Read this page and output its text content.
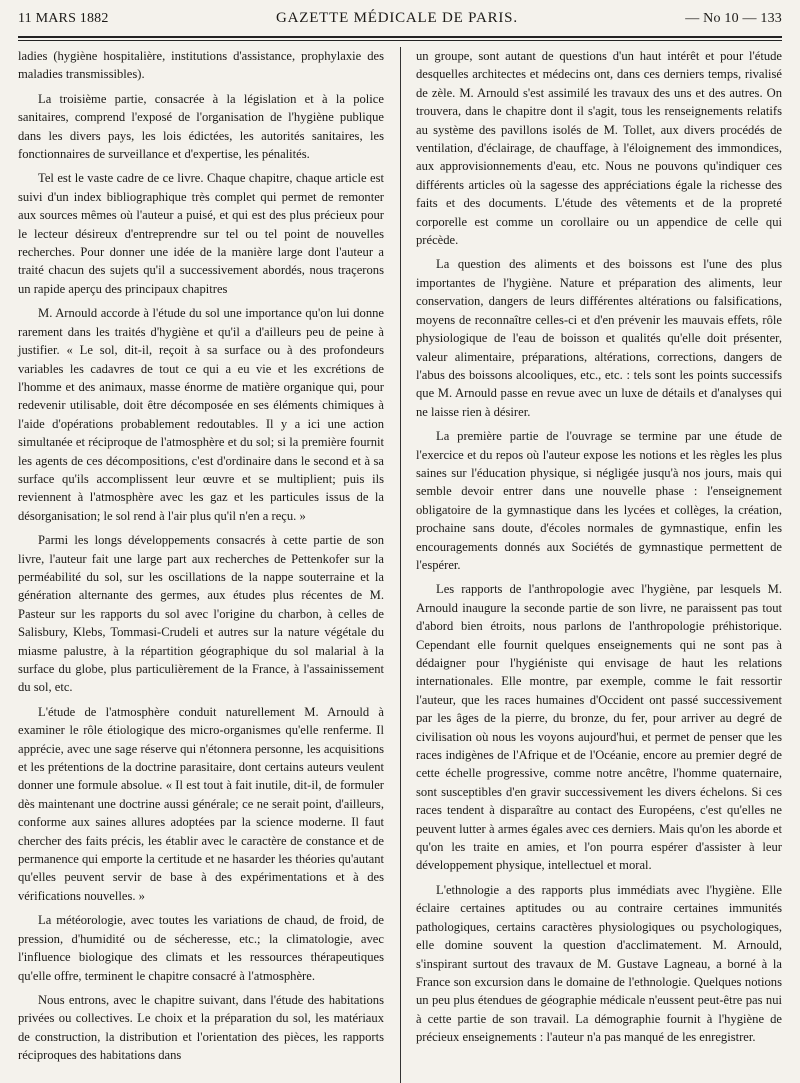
11 MARS 1882	GAZETTE MÉDICALE DE PARIS.	— No 10 — 133

ladies (hygiène hospitalière, institutions d'assistance, prophylaxie des maladies transmissibles).

La troisième partie, consacrée à la législation et à la police sanitaires, comprend l'exposé de l'organisation de l'hygiène publique dans les divers pays, les lois édictées, les autorités sanitaires, les fonctionnaires de surveillance et d'expertise, les pénalités.

Tel est le vaste cadre de ce livre. Chaque chapitre, chaque article est suivi d'un index bibliographique très complet qui permet de remonter aux sources mêmes où l'auteur a puisé, et qui est des plus précieux pour le lecteur désireux d'entreprendre sur tel ou tel point de nouvelles recherches. Pour donner une idée de la manière large dont l'auteur a traité chacun des sujets qu'il a successivement abordés, nous traçerons un rapide aperçu des principaux chapitres

M. Arnould accorde à l'étude du sol une importance qu'on lui donne rarement dans les traités d'hygiène et qu'il a d'ailleurs peu de peine à justifier. « Le sol, dit-il, reçoit à sa surface ou à des profondeurs variables les cadavres de tout ce qui a eu vie et les excrétions de l'homme et des animaux, masse énorme de matière organique qui, pour redevenir utilisable, doit être décomposée en ses éléments chimiques à l'aide d'opérations probablement redoutables. Il y a ici une action simultanée et réciproque de l'atmosphère et du sol; si la première fournit les agents de ces décompositions, c'est d'ordinaire dans le second et à sa surface qu'ils accomplissent leur œuvre et se multiplient; puis ils reviennent à l'atmosphère avec les gaz et les particules issus de la désorganisation; le sol rend à l'air plus qu'il n'en a reçu. »

Parmi les longs développements consacrés à cette partie de son livre, l'auteur fait une large part aux recherches de Pettenkofer sur la perméabilité du sol, sur les oscillations de la nappe souterraine et la génération alternante des germes, aux études plus récentes de M. Pasteur sur les rapports du sol avec l'origine du charbon, à celles de Salisbury, Klebs, Tommasi-Crudeli et autres sur la nature végétale du miasme palustre, à la répartition géographique du sol malarial à la surface du globe, plus particulièrement de la France, à l'assainissement du sol, etc.

L'étude de l'atmosphère conduit naturellement M. Arnould à examiner le rôle étiologique des micro-organismes qu'elle renferme. Il apprécie, avec une sage réserve qui n'étonnera personne, les acquisitions et les prétentions de la doctrine parasitaire, dont certains auteurs veulent donner une formule absolue. « Il est tout à fait inutile, dit-il, de formuler dès maintenant une doctrine aussi générale; ce ne serait point, d'ailleurs, conforme aux saines allures adoptées par la science moderne. Il faut chercher des faits précis, les établir avec le caractère de constance et de permanence qui emporte la certitude et ne hasarder les théories qu'autant qu'elles peuvent servir de base à des expérimentations et à des vérifications nouvelles. »

La météorologie, avec toutes les variations de chaud, de froid, de pression, d'humidité ou de sécheresse, etc.; la climatologie, avec l'influence biologique des climats et les ressources thérapeutiques qu'elle offre, terminent le chapitre consacré à l'atmosphère.

Nous entrons, avec le chapitre suivant, dans l'étude des habitations privées ou collectives. Le choix et la préparation du sol, les matériaux de construction, la distribution et l'orientation des pièces, les rapports réciproques des habitations dans

un groupe, sont autant de questions d'un haut intérêt et pour l'étude desquelles architectes et médecins ont, dans ces derniers temps, rivalisé de zèle. M. Arnould s'est assimilé les travaux des uns et des autres. On trouvera, dans le chapitre dont il s'agit, tous les renseignements relatifs au système des pavillons isolés de M. Tollet, aux divers procédés de ventilation, d'éclairage, de chauffage, à l'éloignement des immondices, aux approvisionnements d'eau, etc. Nous ne pouvons qu'indiquer ces différents articles où la sagesse des appréciations égale la richesse des faits et des documents. L'étude des vêtements et de la propreté corporelle est comme un corollaire ou un appendice de celle qui précède.

La question des aliments et des boissons est l'une des plus importantes de l'hygiène. Nature et préparation des aliments, leur conservation, dangers de leurs différentes altérations ou falsifications, moyens de reconnaître celles-ci et d'en prévenir les mauvais effets, rôle physiologique de l'eau de boisson et qualités qu'elle doit présenter, valeur alimentaire, préparations, altérations, corrections, dangers de l'abus des boissons alcooliques, etc., etc. : tels sont les points successifs que M. Arnould passe en revue avec un luxe de détails et d'analyses qui ne laisse rien à désirer.

La première partie de l'ouvrage se termine par une étude de l'exercice et du repos où l'auteur expose les notions et les règles les plus saines sur l'éducation physique, si négligée jusqu'à nos jours, mais qui semble devoir entrer dans une nouvelle phase : l'enseignement obligatoire de la gymnastique dans les lycées et collèges, la création, prochaine sans doute, d'écoles normales de gymnastique, enfin les encouragements donnés aux Sociétés de gymnastique permettent de l'espérer.

Les rapports de l'anthropologie avec l'hygiène, par lesquels M. Arnould inaugure la seconde partie de son livre, ne paraissent pas tout d'abord bien étroits, nous parlons de l'anthropologie préhistorique. Cependant elle fournit quelques enseignements qui ne sont pas à dédaigner pour l'hygiéniste qui envisage de haut les relations internationales. Elle montre, par exemple, comme le fait ressortir l'auteur, que les races humaines d'Occident ont passé successivement par les âges de la pierre, du bronze, du fer, pour arriver au degré de civilisation où nous les voyons aujourd'hui, et permet de penser que les races indigènes de l'Afrique et de l'Océanie, encore au premier degré de cette échelle progressive, comme notre ancêtre, l'homme quaternaire, sont susceptibles d'en gravir successivement les divers échelons. Si ces races tendent à disparaître au contact des Européens, c'est qu'elles ne peuvent lutter à armes égales avec ces derniers. Mais qu'on les aborde et qu'on les traite en amies, et l'on pourra espérer d'assister à leur développement physique, intellectuel et moral.

L'ethnologie a des rapports plus immédiats avec l'hygiène. Elle éclaire certaines aptitudes ou au contraire certaines immunités pathologiques, certains caractères physiologiques ou psychologiques, elle domine souvent la question d'acclimatement. M. Arnould, s'inspirant surtout des travaux de M. Gustave Lagneau, a borné à la France son excursion dans le domaine de l'ethnologie. Quelques notions un peu plus étendues de géographie médicale n'eussent peut-être pas nui à cette partie de son travail. La démographie fournit à l'hygiène de précieux enseignements : l'auteur n'a pas manqué de les enregistrer.
